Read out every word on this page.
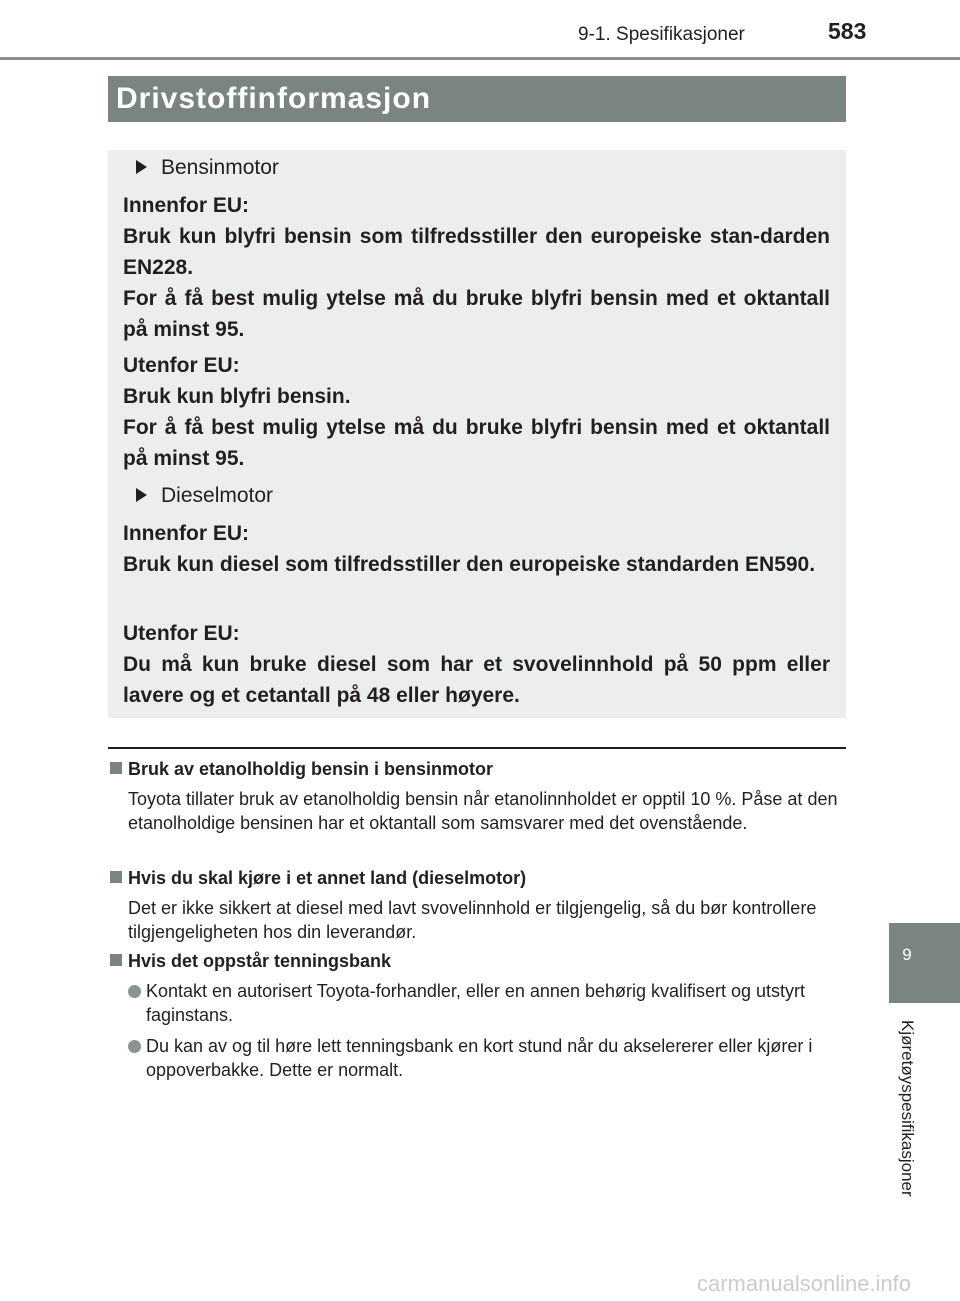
9-1. Spesifikasjoner	583
Drivstoffinformasjon
Bensinmotor
Innenfor EU:
Bruk kun blyfri bensin som tilfredsstiller den europeiske stan-darden EN228.
For å få best mulig ytelse må du bruke blyfri bensin med et oktantall på minst 95.
Utenfor EU:
Bruk kun blyfri bensin.
For å få best mulig ytelse må du bruke blyfri bensin med et oktantall på minst 95.
Dieselmotor
Innenfor EU:
Bruk kun diesel som tilfredsstiller den europeiske standarden EN590.
Utenfor EU:
Du må kun bruke diesel som har et svovelinnhold på 50 ppm eller lavere og et cetantall på 48 eller høyere.
Bruk av etanolholdig bensin i bensinmotor
Toyota tillater bruk av etanolholdig bensin når etanolinnholdet er opptil 10 %. Påse at den etanolholdige bensinen har et oktantall som samsvarer med det ovenstående.
Hvis du skal kjøre i et annet land (dieselmotor)
Det er ikke sikkert at diesel med lavt svovelinnhold er tilgjengelig, så du bør kontrollere tilgjengeligheten hos din leverandør.
Hvis det oppstår tenningsbank
Kontakt en autorisert Toyota-forhandler, eller en annen behørig kvalifisert og utstyrt faginstans.
Du kan av og til høre lett tenningsbank en kort stund når du akselererer eller kjører i oppoverbakke. Dette er normalt.
9
Kjøretøyspesifikasjoner
carmanualsonline.info
